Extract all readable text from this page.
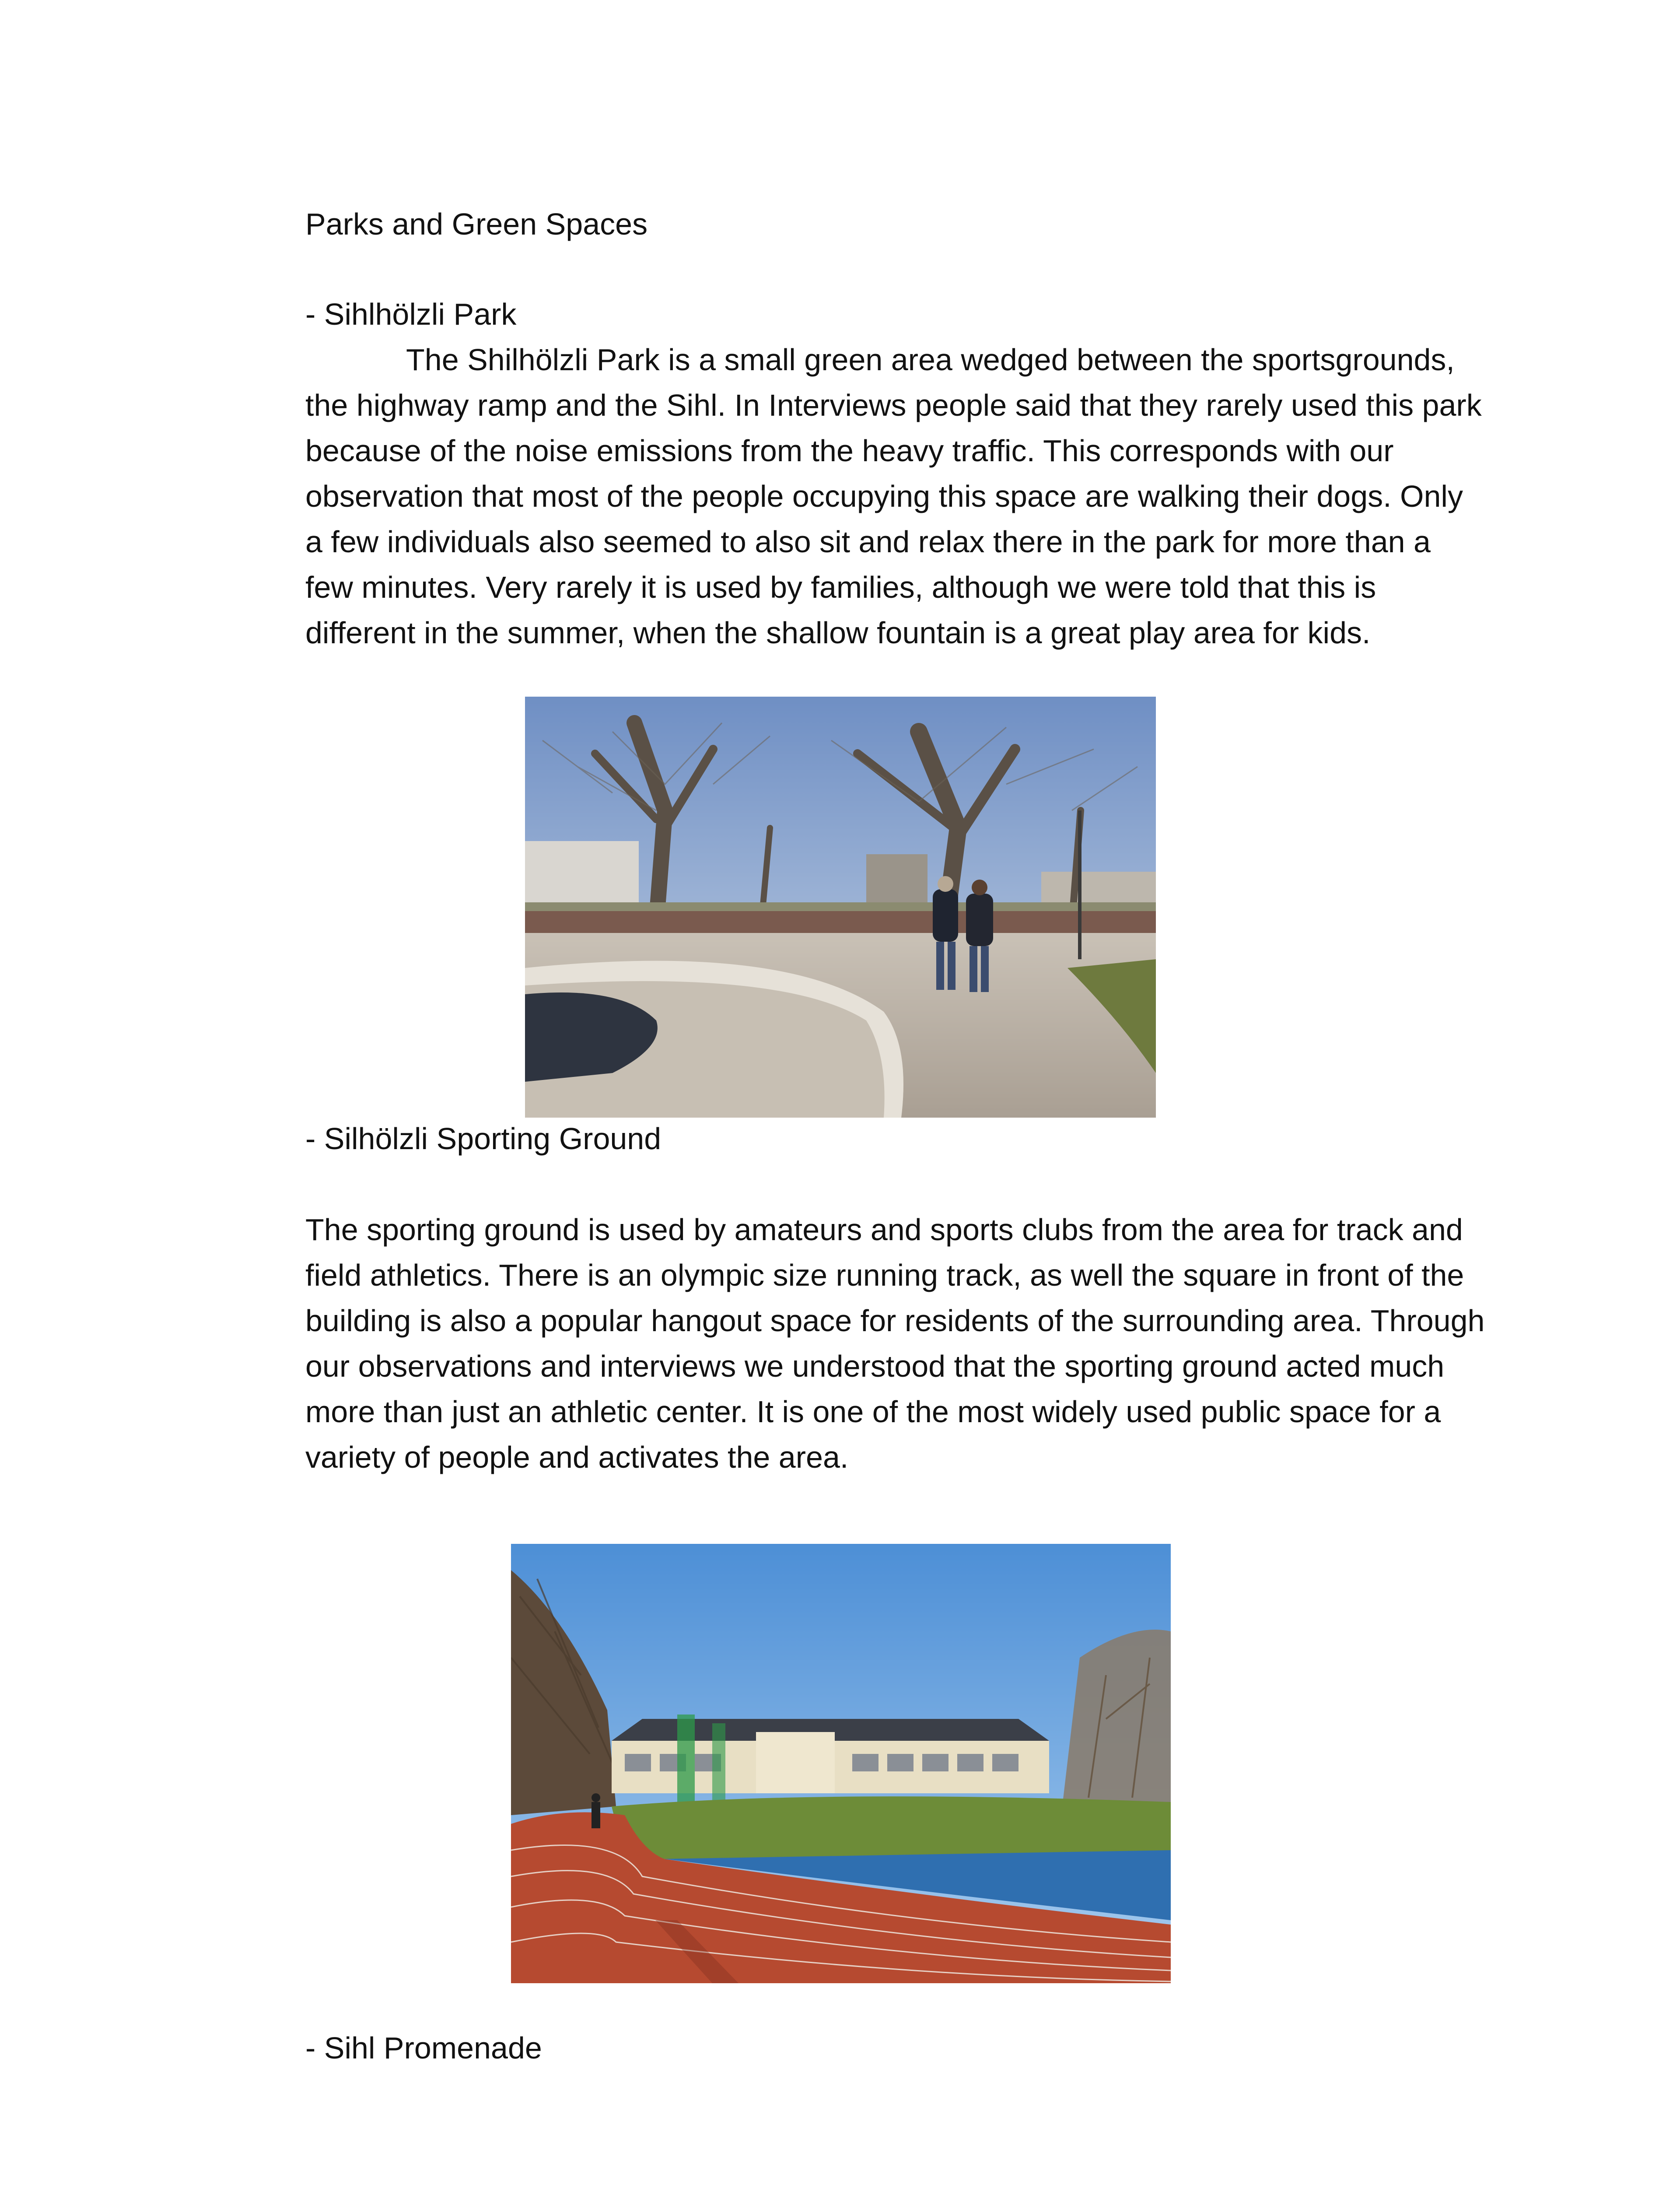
Parks and Green Spaces
- Sihlhölzli Park

The Shilhölzli Park is a small green area wedged between the sportsgrounds, the highway ramp and the Sihl. In Interviews people said that they rarely used this park because of the noise emissions from the heavy traffic. This corresponds with our observation that most of the people occupying this space are walking their dogs. Only a few individuals also seemed to also sit and relax there in the park for more than a few minutes. Very rarely it is used by families, although we were told that this is different in the summer, when the shallow fountain is a great play area for kids.

- Silhölzli Sporting Ground

The sporting ground is used by amateurs and sports clubs from the area for track and field athletics. There is an olympic size running track, as well the square in front of the building is also a popular hangout space for residents of the surrounding area. Through our observations and interviews we understood that the sporting ground acted much more than just an athletic center. It is one of the most widely used public space for a variety of people and activates the area.

- Sihl Promenade
